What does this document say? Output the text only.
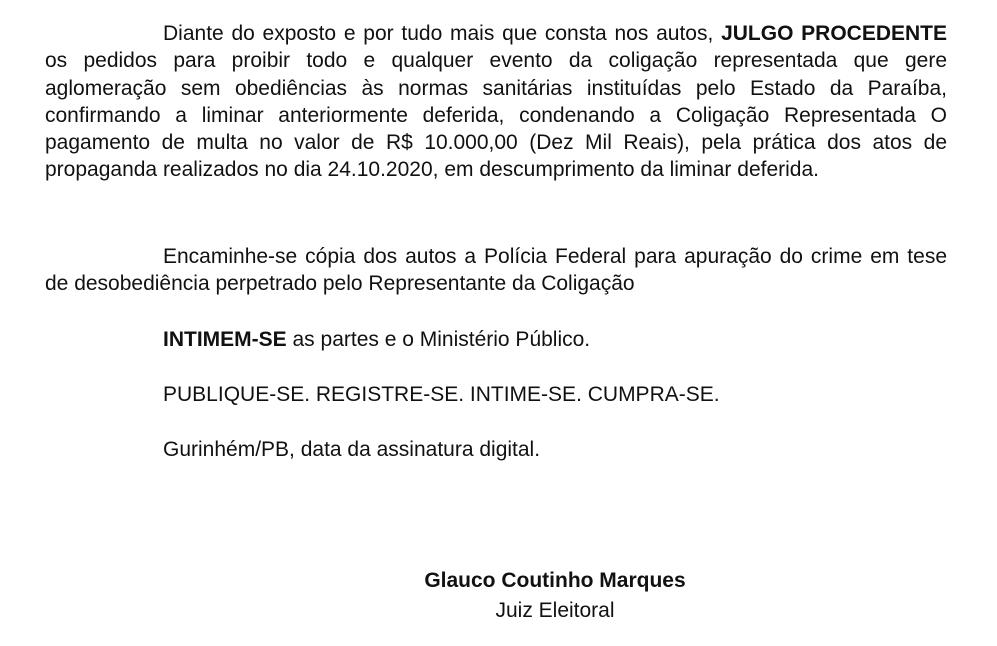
Diante do exposto e por tudo mais que consta nos autos, JULGO PROCEDENTE os pedidos para proibir todo e qualquer evento da coligação representada que gere aglomeração sem obediências às normas sanitárias instituídas pelo Estado da Paraíba, confirmando a liminar anteriormente deferida, condenando a Coligação Representada O pagamento de multa no valor de R$ 10.000,00 (Dez Mil Reais), pela prática dos atos de propaganda realizados no dia 24.10.2020, em descumprimento da liminar deferida.

Encaminhe-se cópia dos autos a Polícia Federal para apuração do crime em tese de desobediência perpetrado pelo Representante da Coligação

INTIMEM-SE as partes e o Ministério Público.

PUBLIQUE-SE. REGISTRE-SE. INTIME-SE. CUMPRA-SE.

Gurinhém/PB, data da assinatura digital.

Glauco Coutinho Marques
Juiz Eleitoral
